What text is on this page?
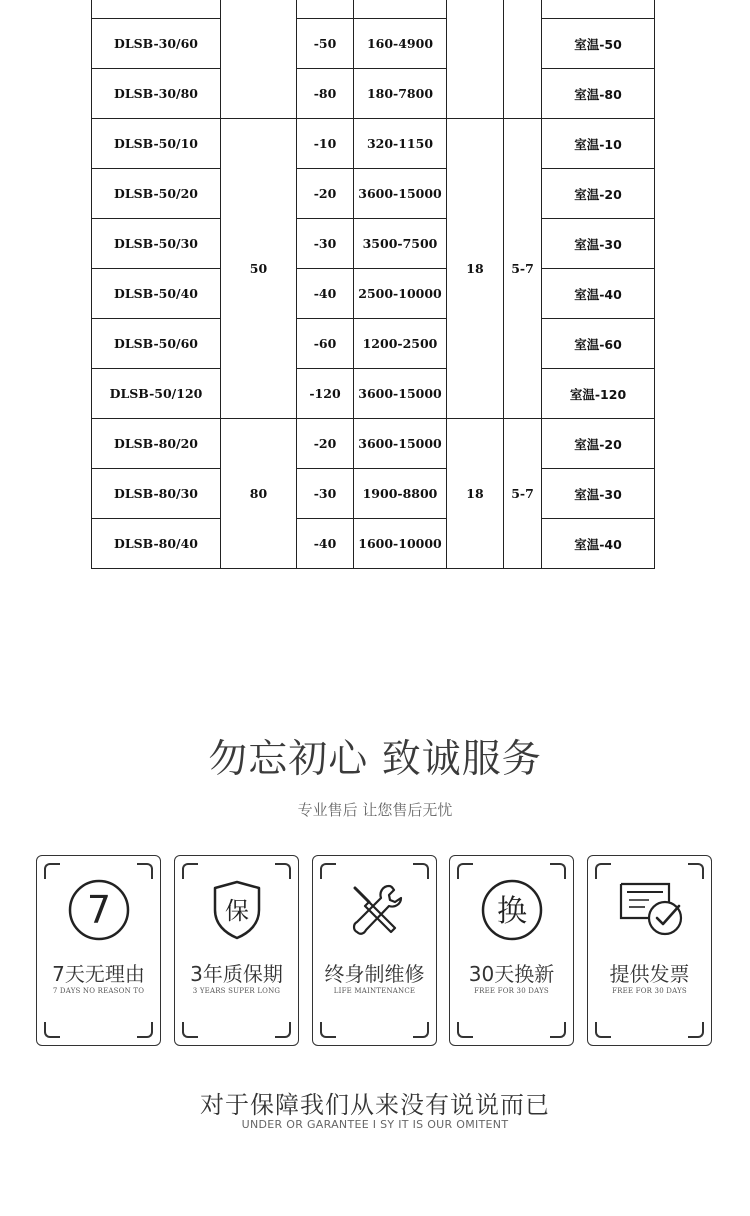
DLSB-30/60		-50	160-4900			室温-50
DLSB-30/80		-80	180-7800			室温-80
DLSB-50/10	50	-10	320-1150	18	5-7	室温-10
DLSB-50/20		-20	3600-15000			室温-20
DLSB-50/30		-30	3500-7500			室温-30
DLSB-50/40		-40	2500-10000			室温-40
DLSB-50/60		-60	1200-2500			室温-60
DLSB-50/120		-120	3600-15000			室温-120
DLSB-80/20	80	-20	3600-15000	18	5-7	室温-20
DLSB-80/30		-30	1900-8800			室温-30
DLSB-80/40		-40	1600-10000			室温-40
勿忘初心 致诚服务
专业售后 让您售后无忧
7
7天无理由
7 DAYS NO REASON TO
保
3年质保期
3 YEARS SUPER LONG
终身制维修
LIFE MAINTENANCE
换
30天换新
FREE FOR 30 DAYS
提供发票
FREE FOR 30 DAYS
对于保障我们从来没有说说而已
UNDER OR GARANTEE I SY IT IS OUR OMITENT
